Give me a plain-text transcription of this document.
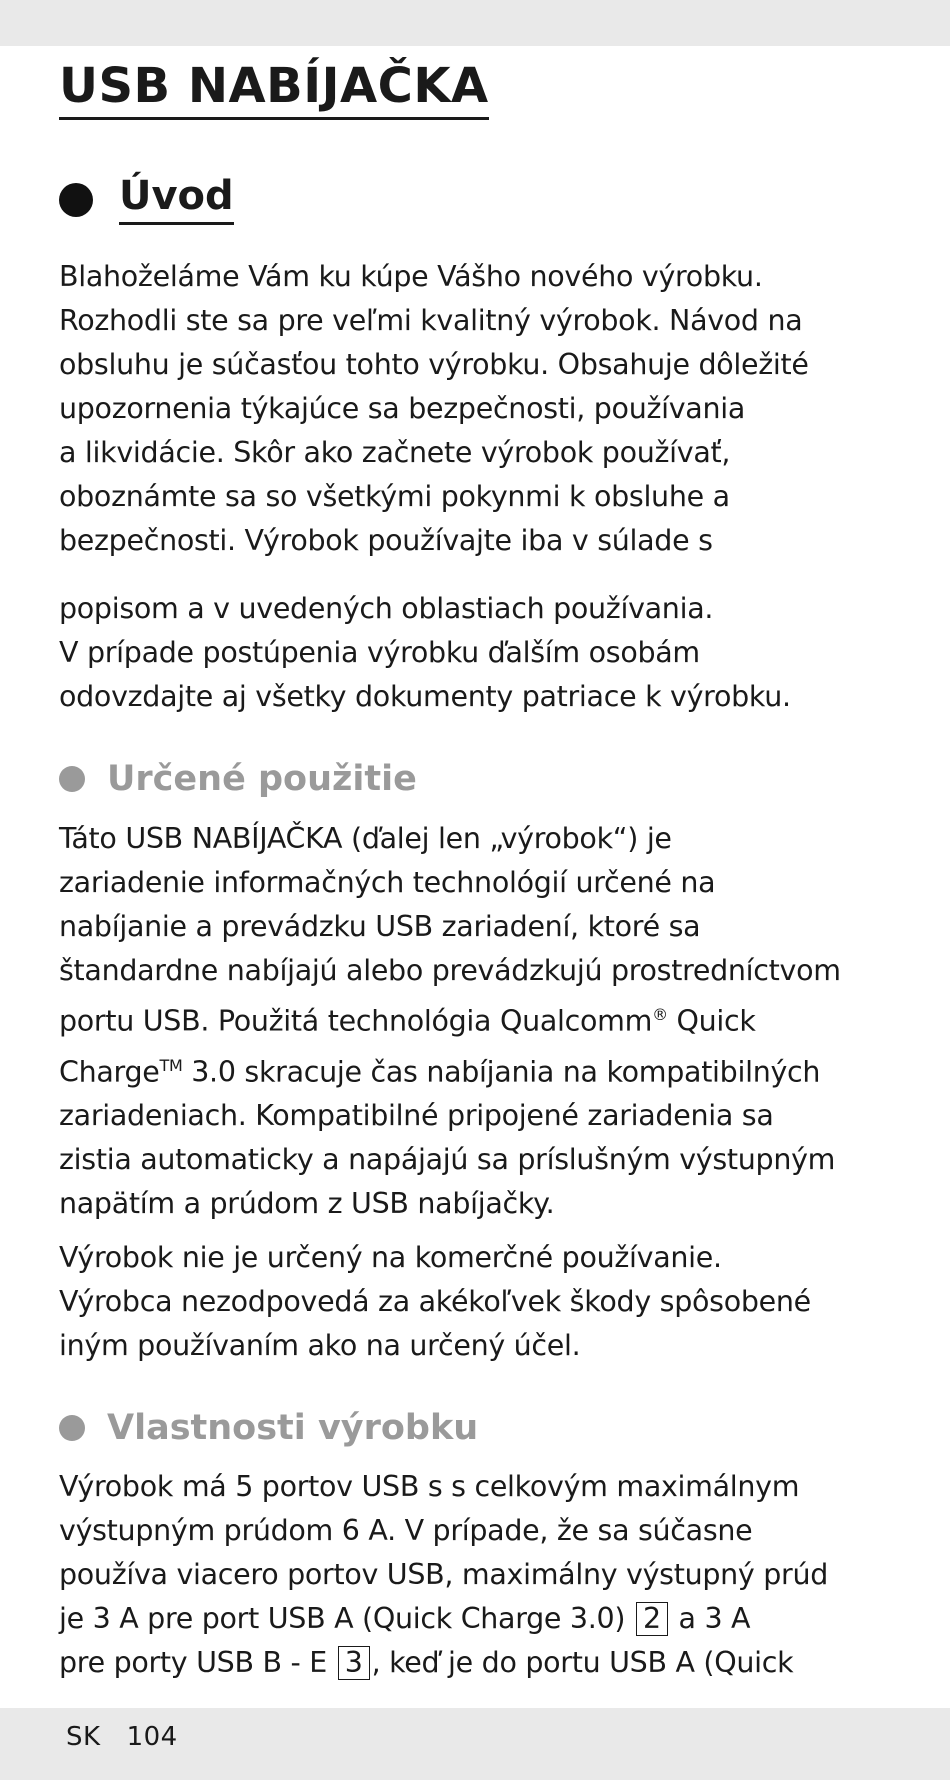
USB NABÍJAČKA
Úvod

Blahoželáme Vám ku kúpe Vášho nového výrobku.
Rozhodli ste sa pre veľmi kvalitný výrobok. Návod na
obsluhu je súčasťou tohto výrobku. Obsahuje dôležité
upozornenia týkajúce sa bezpečnosti, používania
a likvidácie. Skôr ako začnete výrobok používať,
oboznámte sa so všetkými pokynmi k obsluhe a
bezpečnosti. Výrobok používajte iba v súlade s

popisom a v uvedených oblastiach používania.
V prípade postúpenia výrobku ďalším osobám
odovzdajte aj všetky dokumenty patriace k výrobku.

Určené použitie

Táto USB NABÍJAČKA (ďalej len „výrobok“) je
zariadenie informačných technológií určené na
nabíjanie a prevádzku USB zariadení, ktoré sa
štandardne nabíjajú alebo prevádzkujú prostredníctvom
portu USB. Použitá technológia Qualcomm® Quick
Charge™ 3.0 skracuje čas nabíjania na kompatibilných
zariadeniach. Kompatibilné pripojené zariadenia sa
zistia automaticky a napájajú sa príslušným výstupným
napätím a prúdom z USB nabíjačky.

Výrobok nie je určený na komerčné používanie.
Výrobca nezodpovedá za akékoľvek škody spôsobené
iným používaním ako na určený účel.

Vlastnosti výrobku

Výrobok má 5 portov USB s s celkovým maximálnym
výstupným prúdom 6 A. V prípade, že sa súčasne
používa viacero portov USB, maximálny výstupný prúd
je 3 A pre port USB A (Quick Charge 3.0) 2 a 3 A
pre porty USB B - E 3 , keď je do portu USB A (Quick

SK 104
